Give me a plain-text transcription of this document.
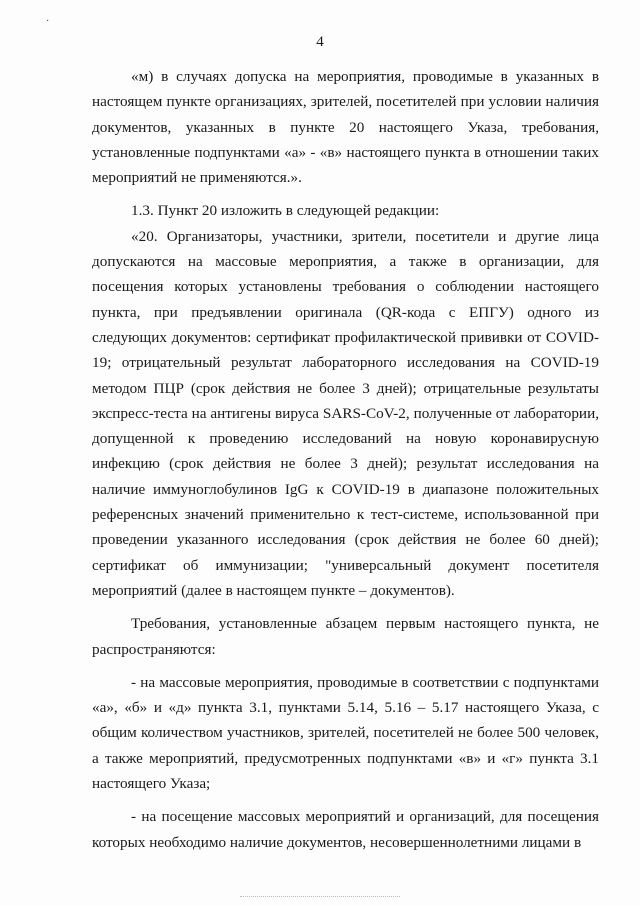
·
4

«м) в случаях допуска на мероприятия, проводимые в указанных в настоящем пункте организациях, зрителей, посетителей при условии наличия документов, указанных в пункте 20 настоящего Указа, требования, установленные подпунктами «а» - «в» настоящего пункта в отношении таких мероприятий не применяются.».

1.3. Пункт 20 изложить в следующей редакции:

«20. Организаторы, участники, зрители, посетители и другие лица допускаются на массовые мероприятия, а также в организации, для посещения которых установлены требования о соблюдении настоящего пункта, при предъявлении оригинала (QR-кода с ЕПГУ) одного из следующих документов: сертификат профилактической прививки от COVID-19; отрицательный результат лабораторного исследования на COVID-19 методом ПЦР (срок действия не более 3 дней); отрицательные результаты экспресс-теста на антигены вируса SARS-CoV-2, полученные от лаборатории, допущенной к проведению исследований на новую коронавирусную инфекцию (срок действия не более 3 дней); результат исследования на наличие иммуноглобулинов IgG к COVID-19 в диапазоне положительных референсных значений применительно к тест-системе, использованной при проведении указанного исследования (срок действия не более 60 дней); сертификат об иммунизации; "универсальный документ посетителя мероприятий (далее в настоящем пункте – документов).

Требования, установленные абзацем первым настоящего пункта, не распространяются:

- на массовые мероприятия, проводимые в соответствии с подпунктами «а», «б» и «д» пункта 3.1, пунктами 5.14, 5.16 – 5.17 настоящего Указа, с общим количеством участников, зрителей, посетителей не более 500 человек, а также мероприятий, предусмотренных подпунктами «в» и «г» пункта 3.1 настоящего Указа;

- на посещение массовых мероприятий и организаций, для посещения которых необходимо наличие документов, несовершеннолетними лицами в
